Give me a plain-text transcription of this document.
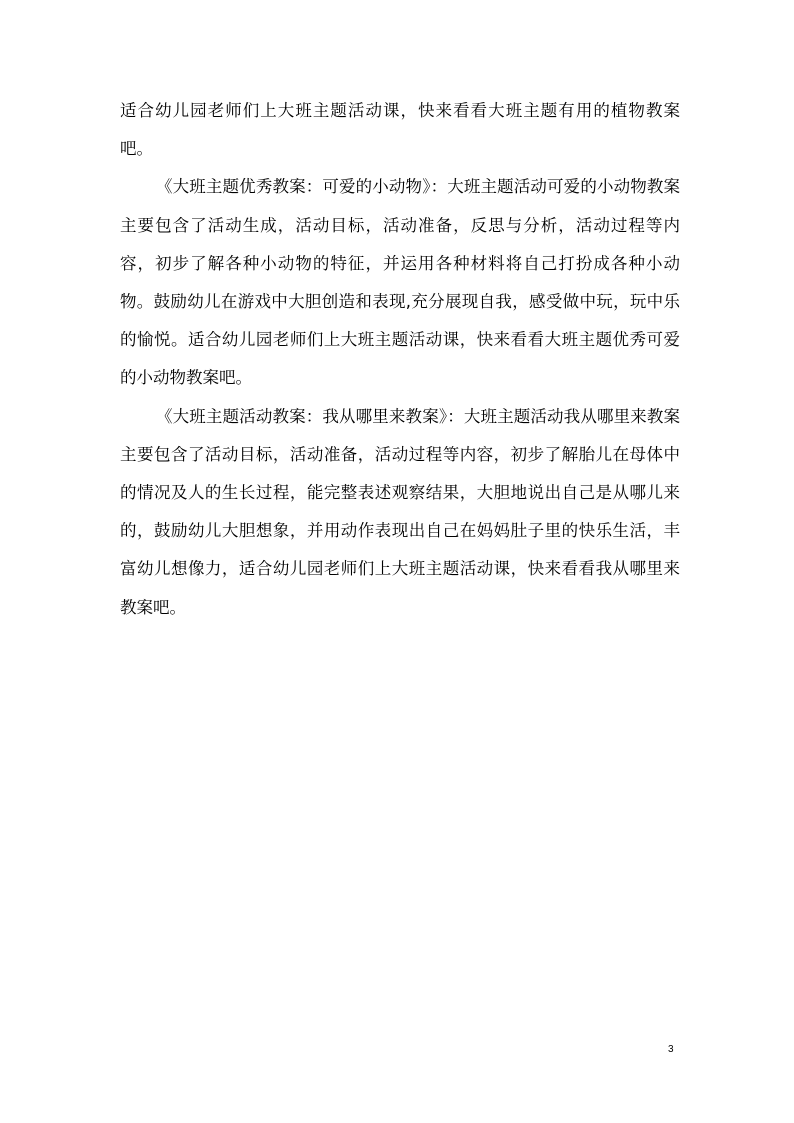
适合幼儿园老师们上大班主题活动课，快来看看大班主题有用的植物教案吧。

《大班主题优秀教案：可爱的小动物》：大班主题活动可爱的小动物教案主要包含了活动生成，活动目标，活动准备，反思与分析，活动过程等内容，初步了解各种小动物的特征，并运用各种材料将自己打扮成各种小动物。鼓励幼儿在游戏中大胆创造和表现,充分展现自我，感受做中玩，玩中乐的愉悦。适合幼儿园老师们上大班主题活动课，快来看看大班主题优秀可爱的小动物教案吧。

《大班主题活动教案：我从哪里来教案》：大班主题活动我从哪里来教案主要包含了活动目标，活动准备，活动过程等内容，初步了解胎儿在母体中的情况及人的生长过程，能完整表述观察结果，大胆地说出自己是从哪儿来的，鼓励幼儿大胆想象，并用动作表现出自己在妈妈肚子里的快乐生活，丰富幼儿想像力，适合幼儿园老师们上大班主题活动课，快来看看我从哪里来教案吧。

3
